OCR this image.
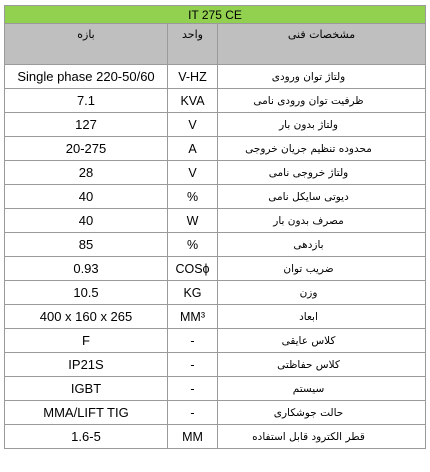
IT 275 CE		
بازه	واحد	مشخصات فنی
Single phase 220-50/60	V-HZ	ولتاژ توان ورودی
7.1	KVA	ظرفیت توان ورودی نامی
127	V	ولتاژ بدون بار
20-275	A	محدوده تنظیم جریان خروجی
28	V	ولتاژ خروجی نامی
40	%	دیوتی سایکل نامی
40	W	مصرف بدون بار
85	%	بازدهی
0.93	COSϕ	ضریب توان
10.5	KG	وزن
400 x 160 x 265	MM³	ابعاد
F	-	کلاس عایقی
IP21S	-	کلاس حفاظتی
IGBT	-	سیستم
MMA/LIFT TIG	-	حالت جوشکاری
1.6-5	MM	قطر الکترود قابل استفاده
